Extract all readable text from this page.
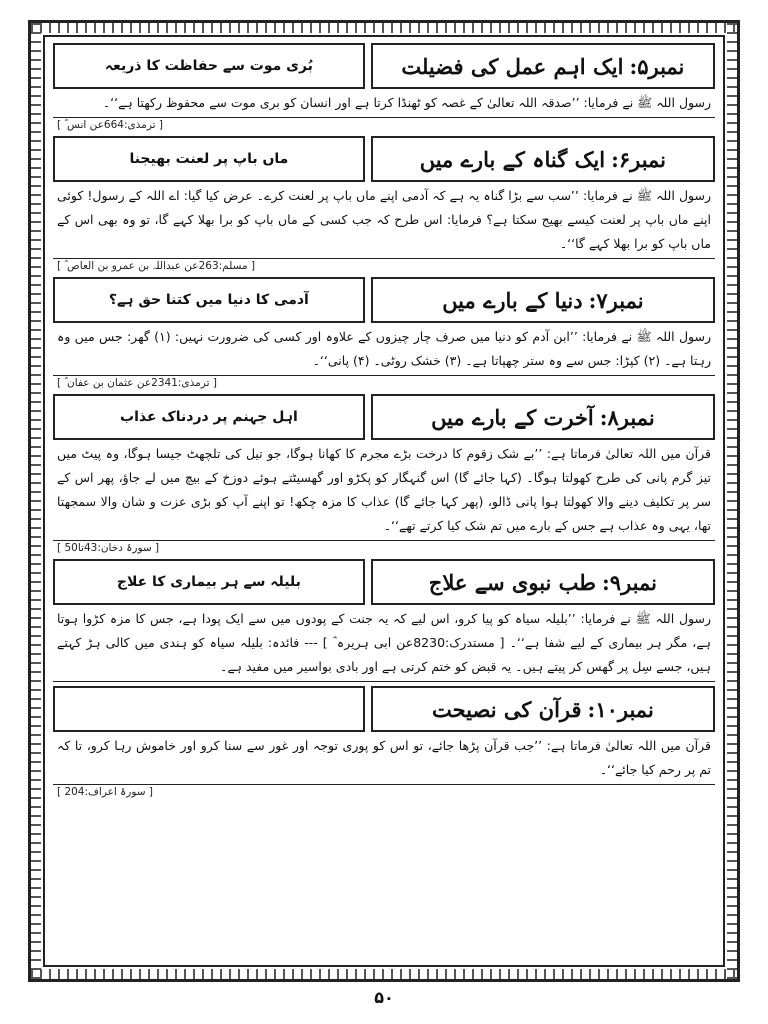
نمبر۵:
ایک اہم عمل کی فضیلت
بُری موت سے حفاظت کا ذریعہ
رسول اللہ ﷺ نے فرمایا: ’’صدقہ اللہ تعالیٰ کے غصہ کو ٹھنڈا کرتا ہے اور انسان کو بری موت سے محفوظ رکھتا ہے‘‘۔
[ ترمذی:664عن انس ؓ ]
نمبر۶:
ایک گناہ کے بارے میں
ماں باپ پر لعنت بھیجنا
رسول اللہ ﷺ نے فرمایا: ’’سب سے بڑا گناہ یہ ہے کہ آدمی اپنے ماں باپ پر لعنت کرے۔ عرض کیا گیا: اے اللہ کے رسول! کوئی اپنے ماں باپ پر لعنت کیسے بھیج سکتا ہے؟ فرمایا: اس طرح کہ جب کسی کے ماں باپ کو برا بھلا کہے گا، تو وہ بھی اس کے ماں باپ کو برا بھلا کہے گا‘‘۔
[ مسلم:263عن عبداللہ بن عمرو بن العاص ؓ ]
نمبر۷:
دنیا کے بارے میں
آدمی کا دنیا میں کتنا حق ہے؟
رسول اللہ ﷺ نے فرمایا: ’’ابن آدم کو دنیا میں صرف چار چیزوں کے علاوہ اور کسی کی ضرورت نہیں: (۱) گھر: جس میں وہ رہتا ہے۔ (۲) کپڑا: جس سے وہ ستر چھپاتا ہے۔ (۳) خشک روٹی۔ (۴) پانی‘‘۔
[ ترمذی:2341عن عثمان بن عفان ؓ ]
نمبر۸:
آخرت کے بارے میں
اہل جہنم پر دردناک عذاب
قرآن میں اللہ تعالیٰ فرماتا ہے: ’’بے شک زقوم کا درخت بڑے مجرم کا کھانا ہوگا، جو تیل کی تلچھٹ جیسا ہوگا، وہ پیٹ میں تیز گرم پانی کی طرح کھولتا ہوگا۔ (کہا جائے گا) اس گنہگار کو پکڑو اور گھسیٹتے ہوئے دوزخ کے بیچ میں لے جاؤ، پھر اس کے سر پر تکلیف دینے والا کھولتا ہوا پانی ڈالو، (پھر کہا جائے گا) عذاب کا مزہ چکھ! تو اپنے آپ کو بڑی عزت و شان والا سمجھتا تھا، یہی وہ عذاب ہے جس کے بارے میں تم شک کیا کرتے تھے‘‘۔
[ سورۂ دخان:43تا50 ]
نمبر۹:
طب نبوی سے علاج
بلیلہ سے ہر بیماری کا علاج
رسول اللہ ﷺ نے فرمایا: ’’بلیلہ سیاہ کو پیا کرو، اس لیے کہ یہ جنت کے پودوں میں سے ایک پودا ہے، جس کا مزہ کڑوا ہوتا ہے، مگر ہر بیماری کے لیے شفا ہے‘‘۔ [ مستدرک:8230عن ابی ہریرہ ؓ ] --- فائدہ: بلیلہ سیاہ کو ہندی میں کالی ہڑ کہتے ہیں، جسے سِل پر گھس کر پیتے ہیں۔ یہ قبض کو ختم کرتی ہے اور بادی بواسیر میں مفید ہے۔
نمبر۱۰:
قرآن کی نصیحت
قرآن میں اللہ تعالیٰ فرماتا ہے: ’’جب قرآن پڑھا جائے، تو اس کو پوری توجہ اور غور سے سنا کرو اور خاموش رہا کرو، تا کہ تم پر رحم کیا جائے‘‘۔
[ سورۂ اعراف:204 ]
۵۰
